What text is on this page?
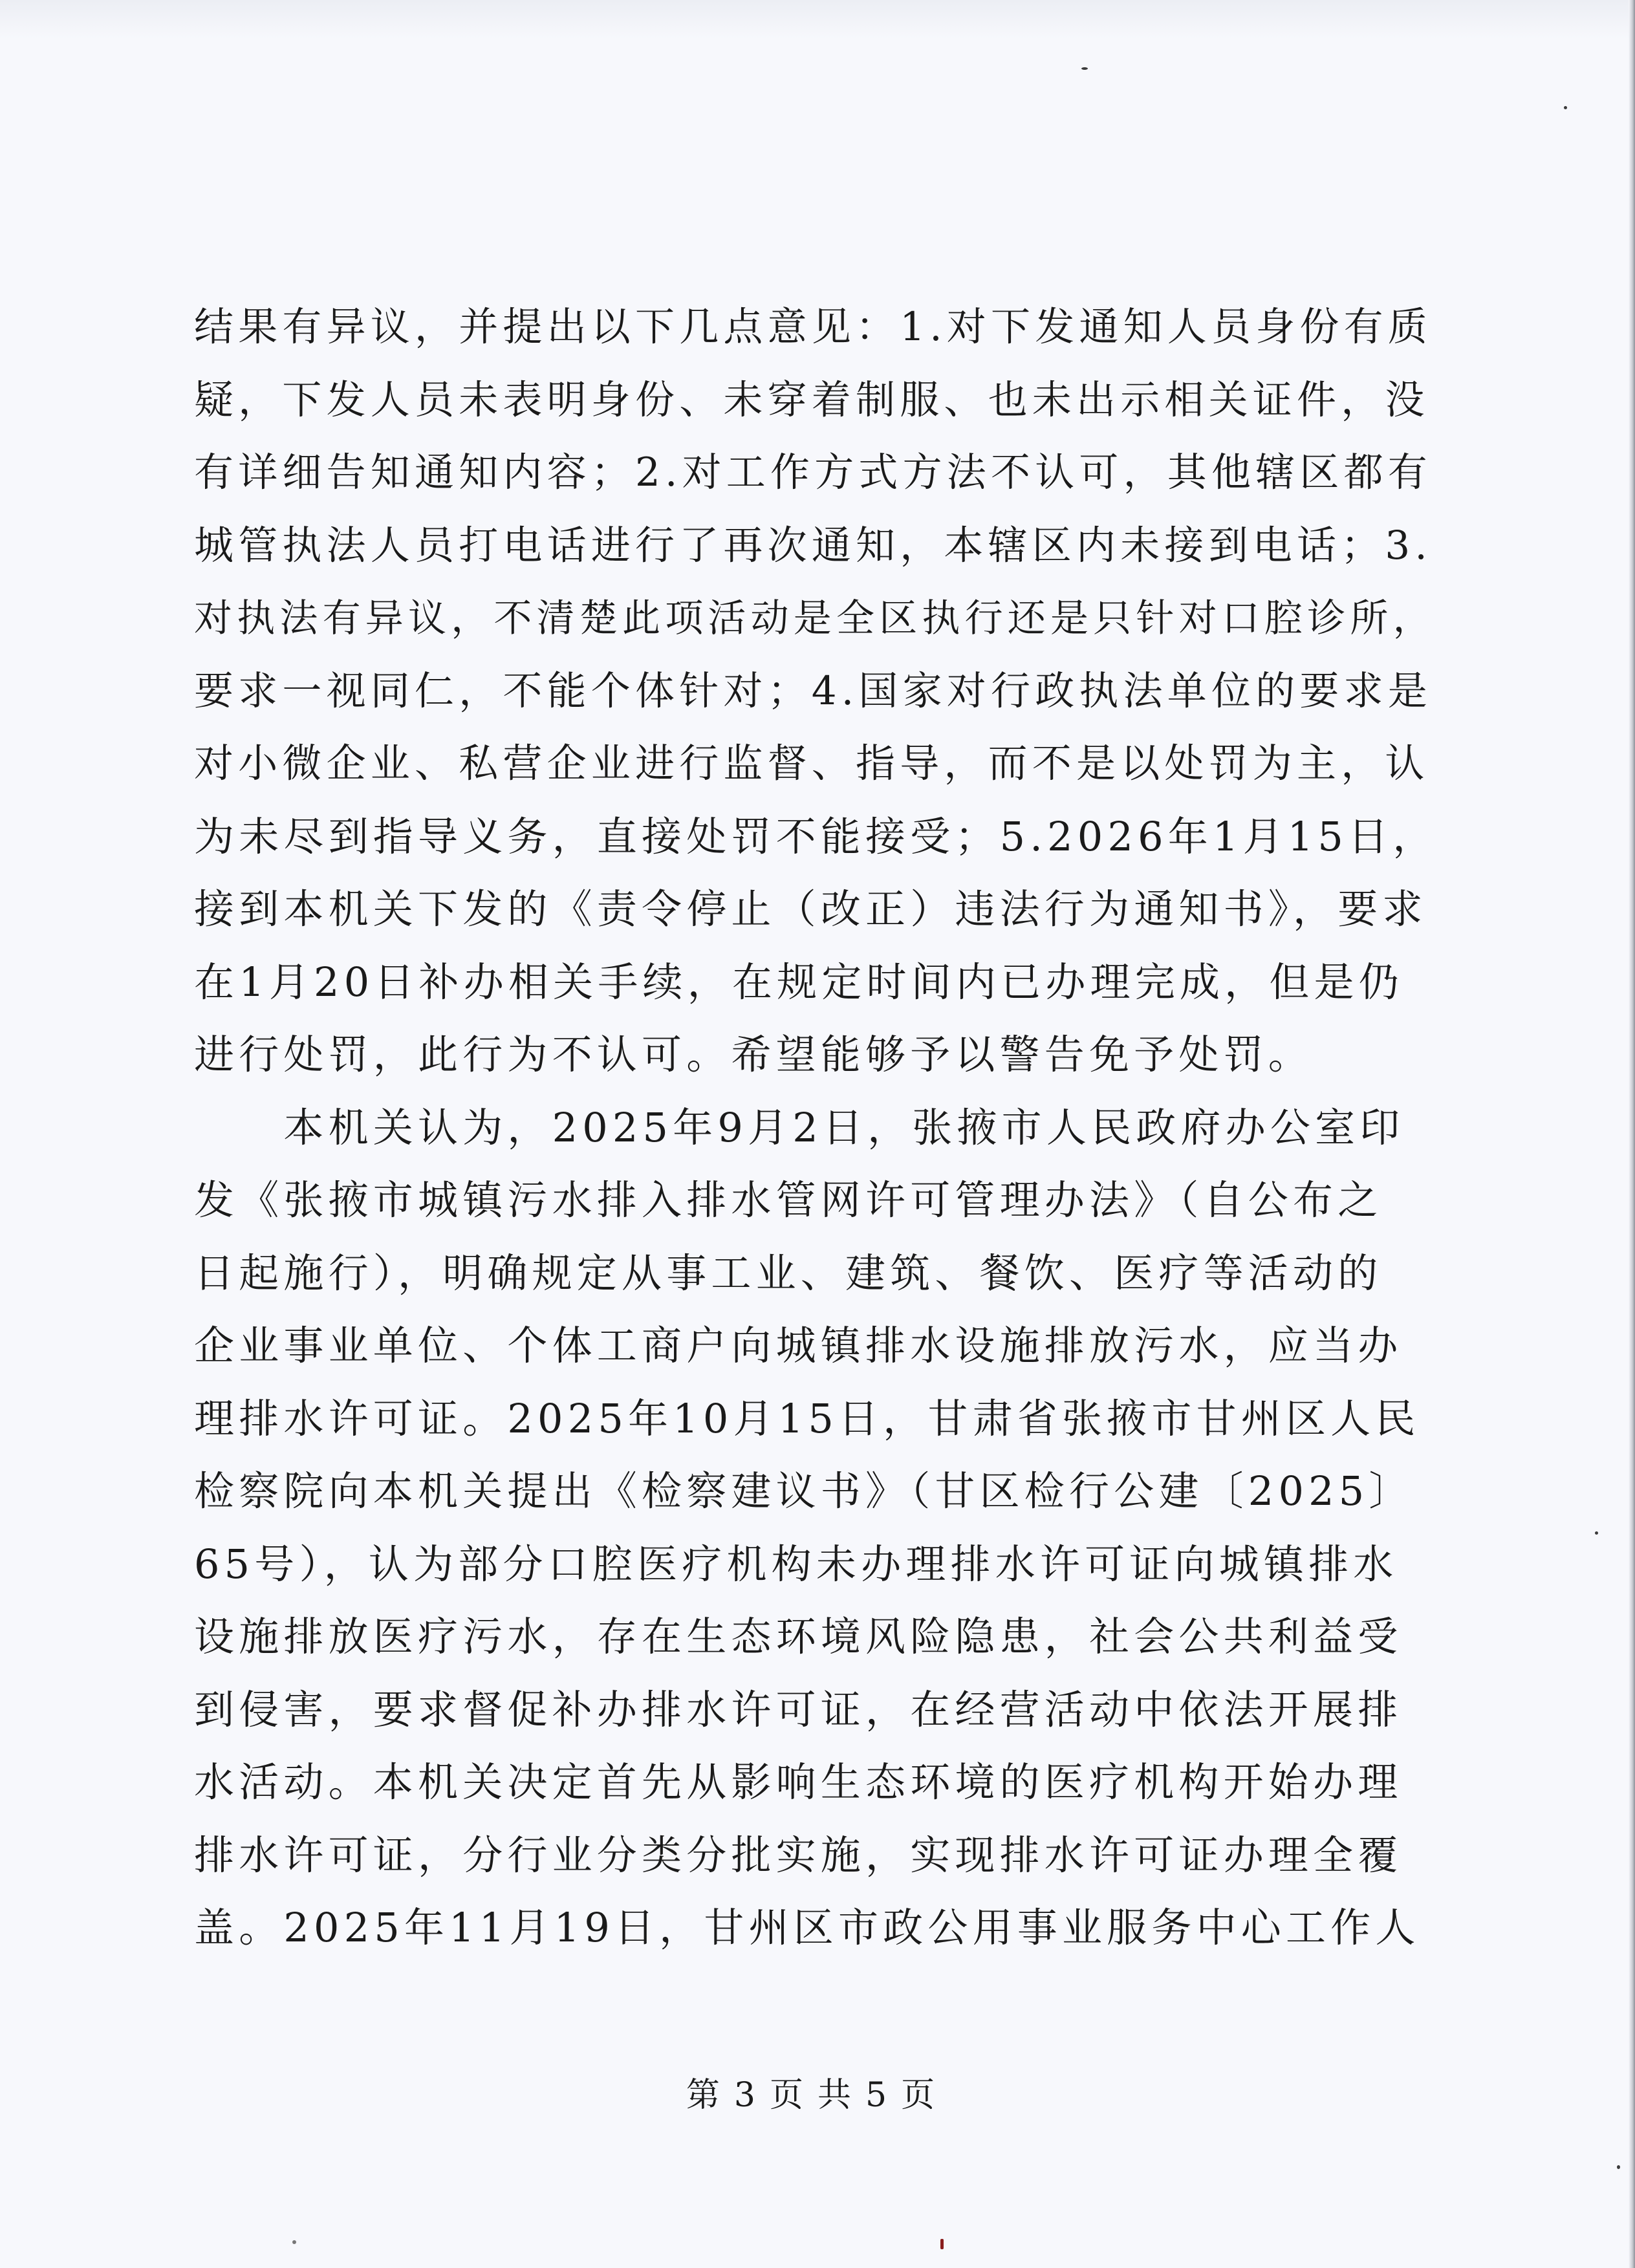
结果有异议，并提出以下几点意见：1.对下发通知人员身份有质
疑，下发人员未表明身份、未穿着制服、也未出示相关证件，没
有详细告知通知内容；2.对工作方式方法不认可，其他辖区都有
城管执法人员打电话进行了再次通知，本辖区内未接到电话；3.
对执法有异议，不清楚此项活动是全区执行还是只针对口腔诊所，
要求一视同仁，不能个体针对；4.国家对行政执法单位的要求是
对小微企业、私营企业进行监督、指导，而不是以处罚为主，认
为未尽到指导义务，直接处罚不能接受；5.2026年1月15日，
接到本机关下发的《责令停止（改正）违法行为通知书》，要求
在1月20日补办相关手续，在规定时间内已办理完成，但是仍
进行处罚，此行为不认可。希望能够予以警告免予处罚。
　　本机关认为，2025年9月2日，张掖市人民政府办公室印
发《张掖市城镇污水排入排水管网许可管理办法》（自公布之
日起施行），明确规定从事工业、建筑、餐饮、医疗等活动的
企业事业单位、个体工商户向城镇排水设施排放污水，应当办
理排水许可证。2025年10月15日，甘肃省张掖市甘州区人民
检察院向本机关提出《检察建议书》（甘区检行公建〔2025〕
65号），认为部分口腔医疗机构未办理排水许可证向城镇排水
设施排放医疗污水，存在生态环境风险隐患，社会公共利益受
到侵害，要求督促补办排水许可证，在经营活动中依法开展排
水活动。本机关决定首先从影响生态环境的医疗机构开始办理
排水许可证，分行业分类分批实施，实现排水许可证办理全覆
盖。2025年11月19日，甘州区市政公用事业服务中心工作人
第3页共5页
